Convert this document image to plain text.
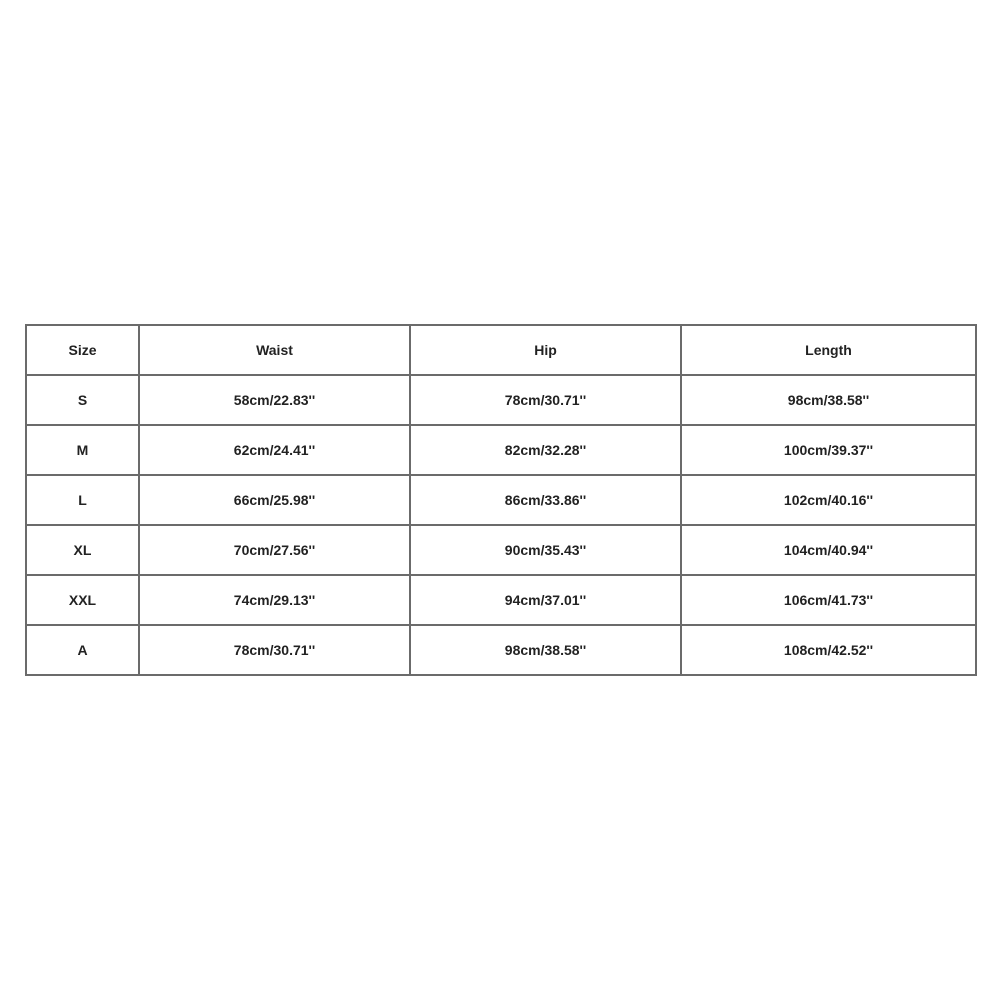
Size	Waist	Hip	Length
S	58cm/22.83''	78cm/30.71''	98cm/38.58''
M	62cm/24.41''	82cm/32.28''	100cm/39.37''
L	66cm/25.98''	86cm/33.86''	102cm/40.16''
XL	70cm/27.56''	90cm/35.43''	104cm/40.94''
XXL	74cm/29.13''	94cm/37.01''	106cm/41.73''
A	78cm/30.71''	98cm/38.58''	108cm/42.52''
